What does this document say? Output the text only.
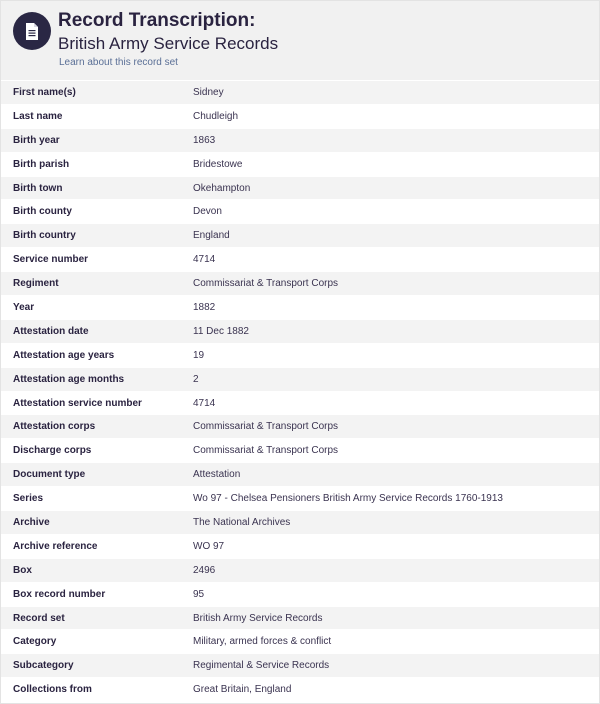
Record Transcription:
British Army Service Records
Learn about this record set
First name(s)	Sidney
Last name	Chudleigh
Birth year	1863
Birth parish	Bridestowe
Birth town	Okehampton
Birth county	Devon
Birth country	England
Service number	4714
Regiment	Commissariat & Transport Corps
Year	1882
Attestation date	11 Dec 1882
Attestation age years	19
Attestation age months	2
Attestation service number	4714
Attestation corps	Commissariat & Transport Corps
Discharge corps	Commissariat & Transport Corps
Document type	Attestation
Series	Wo 97 - Chelsea Pensioners British Army Service Records 1760-1913
Archive	The National Archives
Archive reference	WO 97
Box	2496
Box record number	95
Record set	British Army Service Records
Category	Military, armed forces & conflict
Subcategory	Regimental & Service Records
Collections from	Great Britain, England
